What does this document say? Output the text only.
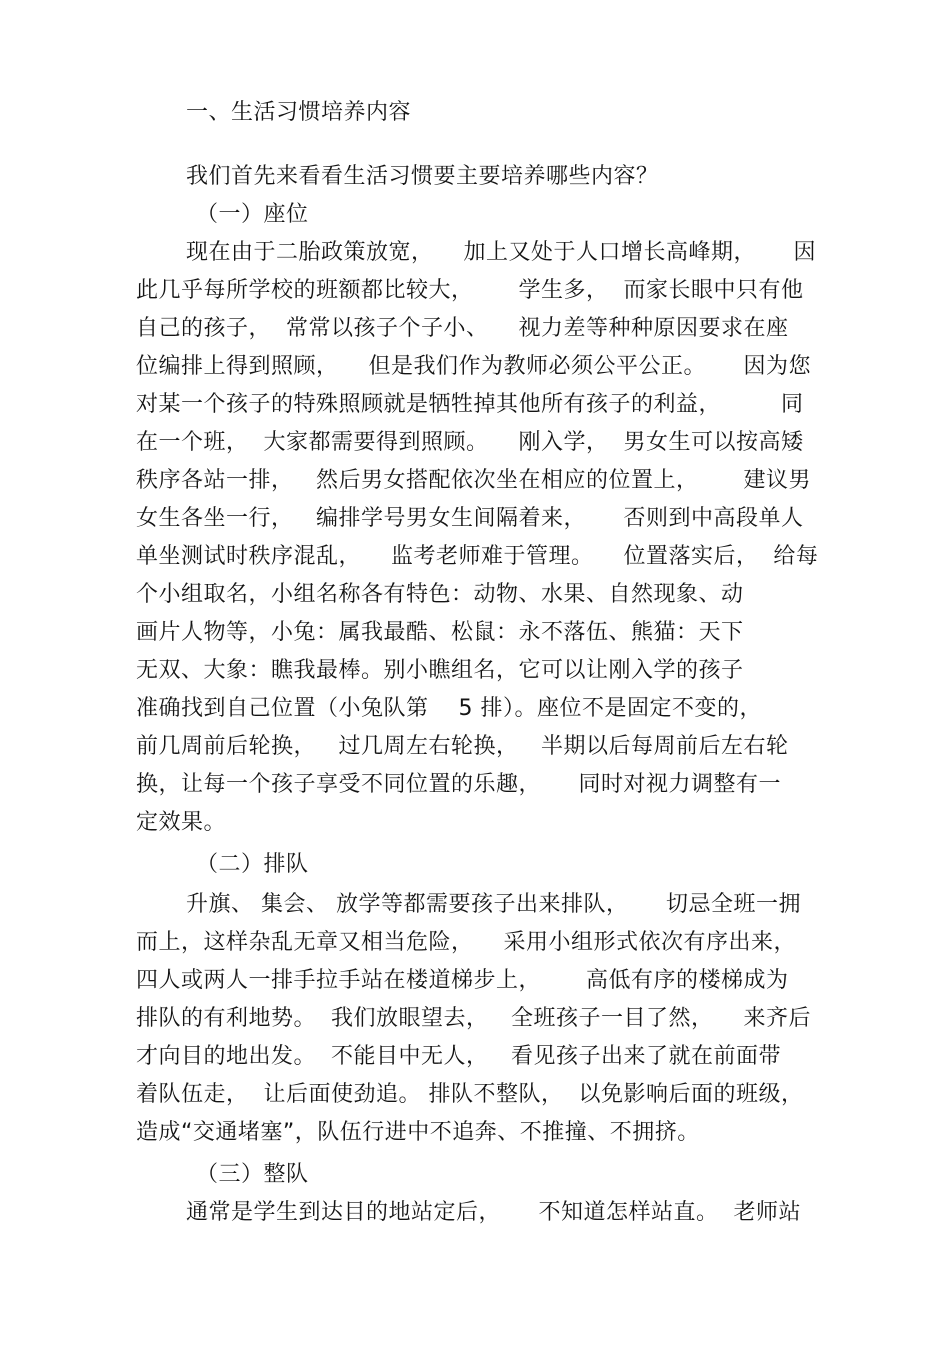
一、生活习惯培养内容
我们首先来看看生活习惯要主要培养哪些内容？
（一）座位
现在由于二胎政策放宽，    加上又处于人口增长高峰期，     因
此几乎每所学校的班额都比较大，      学生多，  而家长眼中只有他
自己的孩子，  常常以孩子个子小、    视力差等种种原因要求在座
位编排上得到照顾，    但是我们作为教师必须公平公正。     因为您
对某一个孩子的特殊照顾就是牺牲掉其他所有孩子的利益，        同
在一个班，  大家都需要得到照顾。    刚入学，  男女生可以按高矮
秩序各站一排，   然后男女搭配依次坐在相应的位置上，      建议男
女生各坐一行，   编排学号男女生间隔着来，     否则到中高段单人
单坐测试时秩序混乱，    监考老师难于管理。    位置落实后，  给每
个小组取名，小组名称各有特色：动物、水果、自然现象、动
画片人物等，小兔：属我最酷、松鼠：永不落伍、熊猫：天下
无双、大象：瞧我最棒。别小瞧组名，它可以让刚入学的孩子
准确找到自己位置（小兔队第    5 排）。座位不是固定不变的，
前几周前后轮换，   过几周左右轮换，   半期以后每周前后左右轮
换，让每一个孩子享受不同位置的乐趣，     同时对视力调整有一
定效果。
（二）排队
升旗、 集会、 放学等都需要孩子出来排队，     切忌全班一拥
而上，这样杂乱无章又相当危险，    采用小组形式依次有序出来，
四人或两人一排手拉手站在楼道梯步上，      高低有序的楼梯成为
排队的有利地势。  我们放眼望去，   全班孩子一目了然，    来齐后
才向目的地出发。  不能目中无人，   看见孩子出来了就在前面带
着队伍走，  让后面使劲追。 排队不整队，  以免影响后面的班级，
造成“交通堵塞”，队伍行进中不追奔、不推撞、不拥挤。
（三）整队
通常是学生到达目的地站定后，     不知道怎样站直。  老师站
